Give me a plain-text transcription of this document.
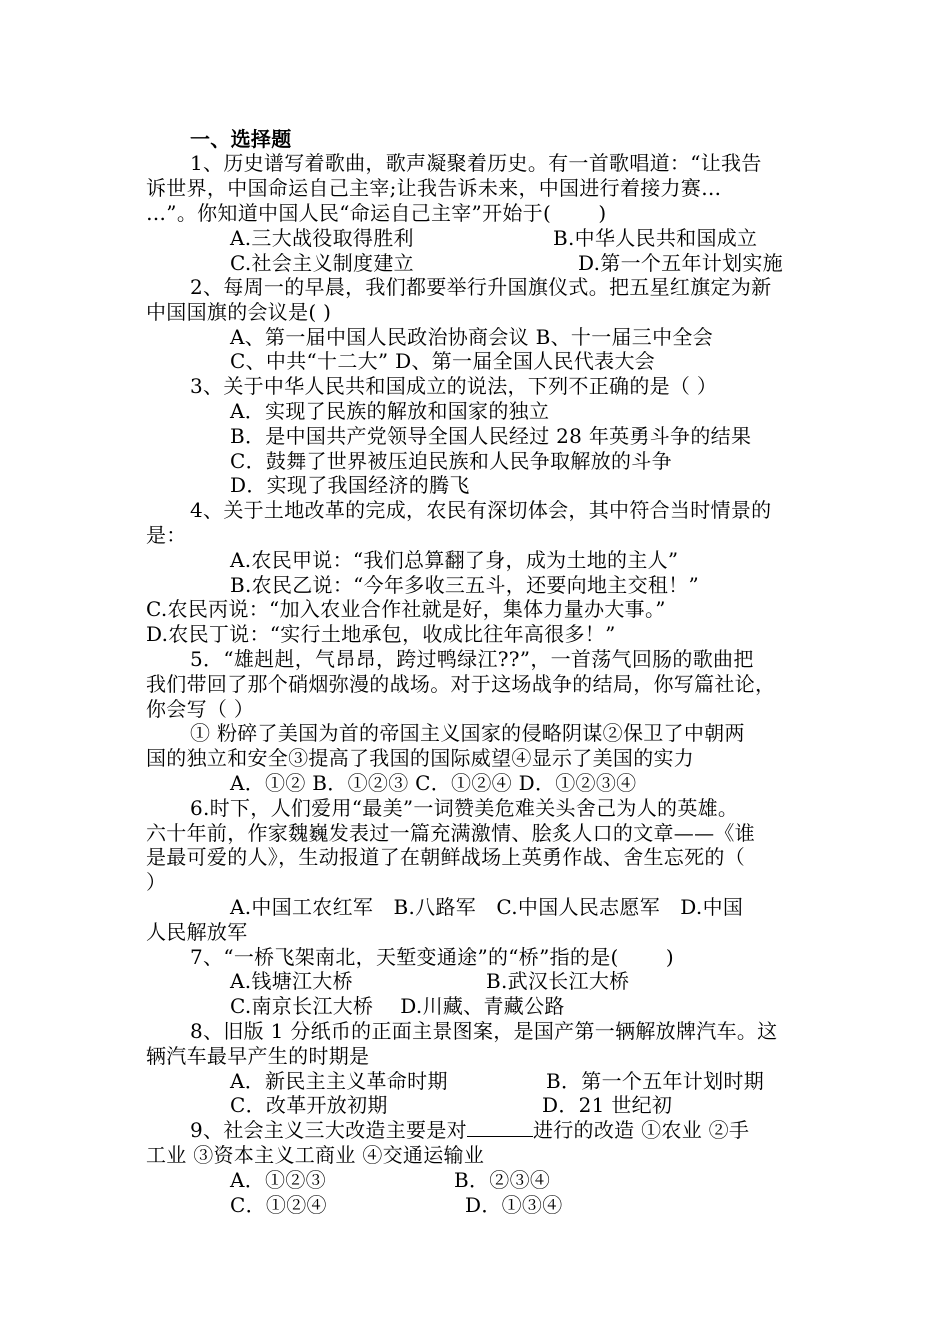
一、选择题
1、历史谱写着歌曲，歌声凝聚着历史。有一首歌唱道：“让我告
诉世界，中国命运自己主宰;让我告诉未来，中国进行着接力赛…
…”。你知道中国人民“命运自己主宰”开始于(　　 )
A.三大战役取得胜利	B.中华人民共和国成立
C.社会主义制度建立	D.第一个五年计划实施
2、每周一的早晨，我们都要举行升国旗仪式。把五星红旗定为新
中国国旗的会议是( )
A、第一届中国人民政治协商会议 B、十一届三中全会
C、中共“十二大” D、第一届全国人民代表大会
3、关于中华人民共和国成立的说法，下列不正确的是（ ）
A．实现了民族的解放和国家的独立
B．是中国共产党领导全国人民经过 28 年英勇斗争的结果
C．鼓舞了世界被压迫民族和人民争取解放的斗争
D．实现了我国经济的腾飞
4、关于土地改革的完成，农民有深切体会，其中符合当时情景的
是：
A.农民甲说：“我们总算翻了身，成为土地的主人”
B.农民乙说：“今年多收三五斗，还要向地主交租！”
C.农民丙说：“加入农业合作社就是好，集体力量办大事。”
D.农民丁说：“实行土地承包，收成比往年高很多！”
5．“雄赳赳，气昂昂，跨过鸭绿江??”，一首荡气回肠的歌曲把
我们带回了那个硝烟弥漫的战场。对于这场战争的结局，你写篇社论，
你会写（ ）
① 粉碎了美国为首的帝国主义国家的侵略阴谋②保卫了中朝两
国的独立和安全③提高了我国的国际威望④显示了美国的实力
A．①② B．①②③ C．①②④ D．①②③④
6.时下，人们爱用“最美”一词赞美危难关头舍己为人的英雄。
六十年前，作家魏巍发表过一篇充满激情、脍炙人口的文章——《谁
是最可爱的人》，生动报道了在朝鲜战场上英勇作战、舍生忘死的（
）
A.中国工农红军　B.八路军　C.中国人民志愿军　D.中国
人民解放军
7、“一桥飞架南北，天堑变通途”的“桥”指的是(　　 )
A.钱塘江大桥	B.武汉长江大桥
C.南京长江大桥　 D.川藏、青藏公路
8、旧版 1 分纸币的正面主景图案，是国产第一辆解放牌汽车。这
辆汽车最早产生的时期是
A．新民主主义革命时期	B．第一个五年计划时期
C．改革开放初期	D．21 世纪初
9、社会主义三大改造主要是对	进行的改造 ①农业 ②手
工业 ③资本主义工商业 ④交通运输业
A．①②③	B．②③④
C．①②④	D．①③④
